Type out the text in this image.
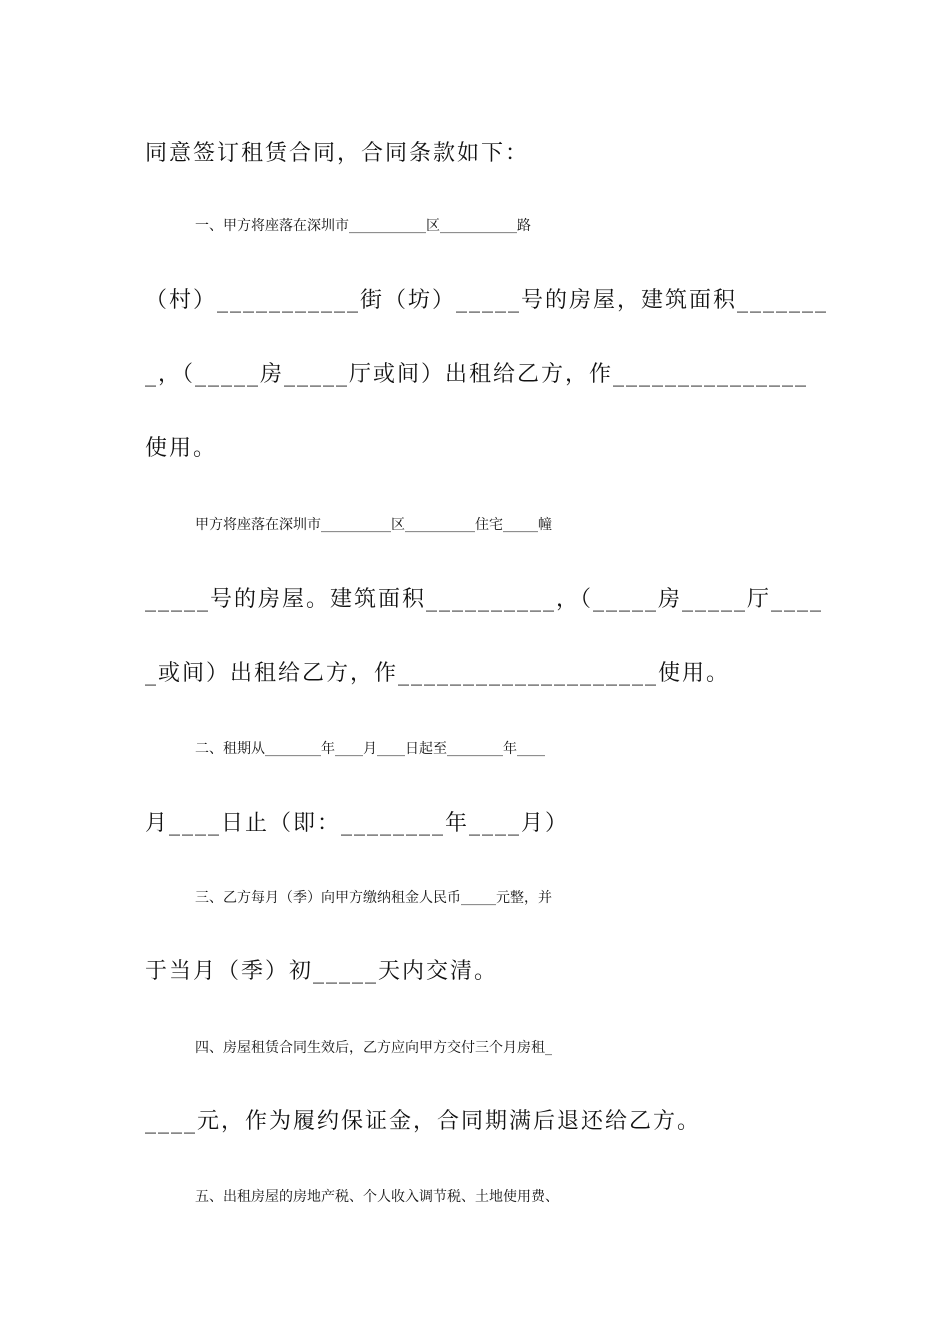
同意签订租赁合同，合同条款如下：
一、甲方将座落在深圳市___________区___________路
（村）___________街（坊）_____号的房屋，建筑面积_______
_，（_____房_____厅或间）出租给乙方，作_______________
使用。
甲方将座落在深圳市__________区__________住宅_____幢
_____号的房屋。建筑面积__________，（_____房_____厅____
_或间）出租给乙方，作____________________使用。
二、租期从________年____月____日起至________年____
月____日止（即：________年____月）
三、乙方每月（季）向甲方缴纳租金人民币_____元整，并
于当月（季）初_____天内交清。
四、房屋租赁合同生效后，乙方应向甲方交付三个月房租_
____元，作为履约保证金，合同期满后退还给乙方。
五、出租房屋的房地产税、个人收入调节税、土地使用费、
